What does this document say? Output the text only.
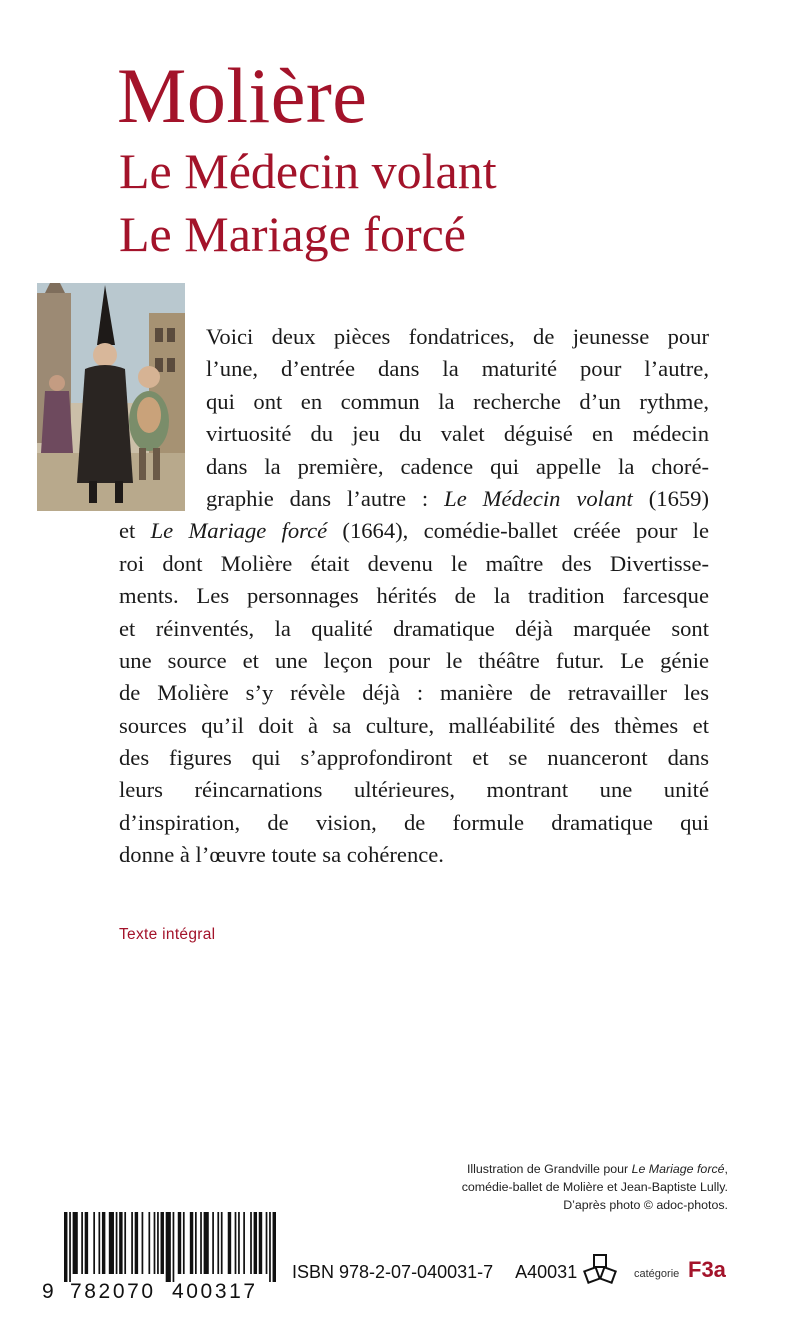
Molière
Le Médecin volant
Le Mariage forcé
Voici deux pièces fondatrices, de jeunesse pour
l’une, d’entrée dans la maturité pour l’autre,
qui ont en commun la recherche d’un rythme,
virtuosité du jeu du valet déguisé en médecin
dans la première, cadence qui appelle la choré-
graphie dans l’autre : Le Médecin volant (1659)
et Le Mariage forcé (1664), comédie-ballet créée pour le
roi dont Molière était devenu le maître des Divertisse-
ments. Les personnages hérités de la tradition farcesque
et réinventés, la qualité dramatique déjà marquée sont
une source et une leçon pour le théâtre futur. Le génie
de Molière s’y révèle déjà : manière de retravailler les
sources qu’il doit à sa culture, malléabilité des thèmes et
des figures qui s’approfondiront et se nuanceront dans
leurs réincarnations ultérieures, montrant une unité
d’inspiration, de vision, de formule dramatique qui
donne à l’œuvre toute sa cohérence.

Texte intégral

Illustration de Grandville pour Le Mariage forcé,
comédie-ballet de Molière et Jean-Baptiste Lully.
D’après photo © adoc-photos.
9 782070 400317
ISBN 978-2-07-040031-7 A40031	catégorie F3a
